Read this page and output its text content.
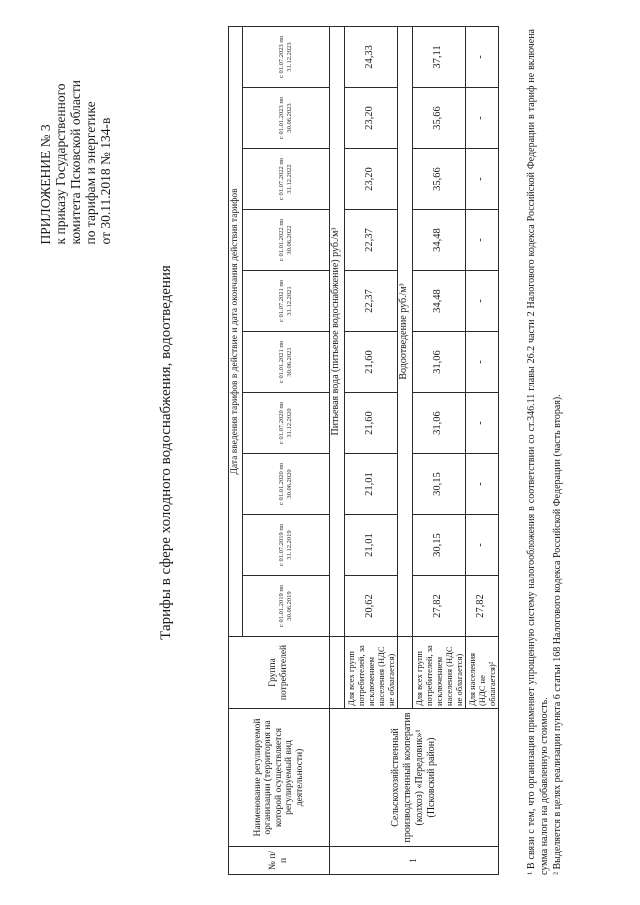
ПРИЛОЖЕНИЕ № 3 к приказу Государственного комитета Псковской области по тарифам и энергетике от 30.11.2018 № 134-в
Тарифы в сфере холодного водоснабжения, водоотведения
№ п/п	Наименование регулируемой организации (территория на которой осуществляется регулируемый вид деятельности)	Группа потребителей	Дата введения тарифов в действие и дата окончания действия тарифов									
			с 01.01.2019 по 30.06.2019	с 01.07.2019 по 31.12.2019	с 01.01.2020 по 30.06.2020	с 01.07.2020 по 31.12.2020	с 01.01.2021 по 30.06.2021	с 01.07.2021 по 31.12.2021	с 01.01.2022 по 30.06.2022	с 01.07.2022 по 31.12.2022	с 01.01.2023 по 30.06.2023	с 01.07.2023 по 31.12.2023
1	Сельскохозяйственный производственный кооператив (колхоз) «Передовик»¹ (Псковский район)		Питьевая вода (питьевое водоснабжение) руб./м³									
		Для всех групп потребителей, за исключением населения (НДС не облагается)	20,62	21,01	21,01	21,60	21,60	22,37	22,37	23,20	23,20	24,33
			Водоотведение руб./м³									
		Для всех групп потребителей, за исключением населения (НДС не облагается)	27,82	30,15	30,15	31,06	31,06	34,48	34,48	35,66	35,66	37,11
		Для населения (НДС не облагается)²	27,82	-	-	-	-	-	-	-	-	-	¹ В связи с тем, что организация применяет упрощенную систему налогообложения в соответствии со ст.346.11 главы 26.2 части 2 Налогового кодекса Российской Федерации в тариф не включена сумма налога на добавленную стоимость. ² Выделяется в целях реализации пункта 6 статьи 168 Налогового кодекса Российской Федерации (часть вторая).
